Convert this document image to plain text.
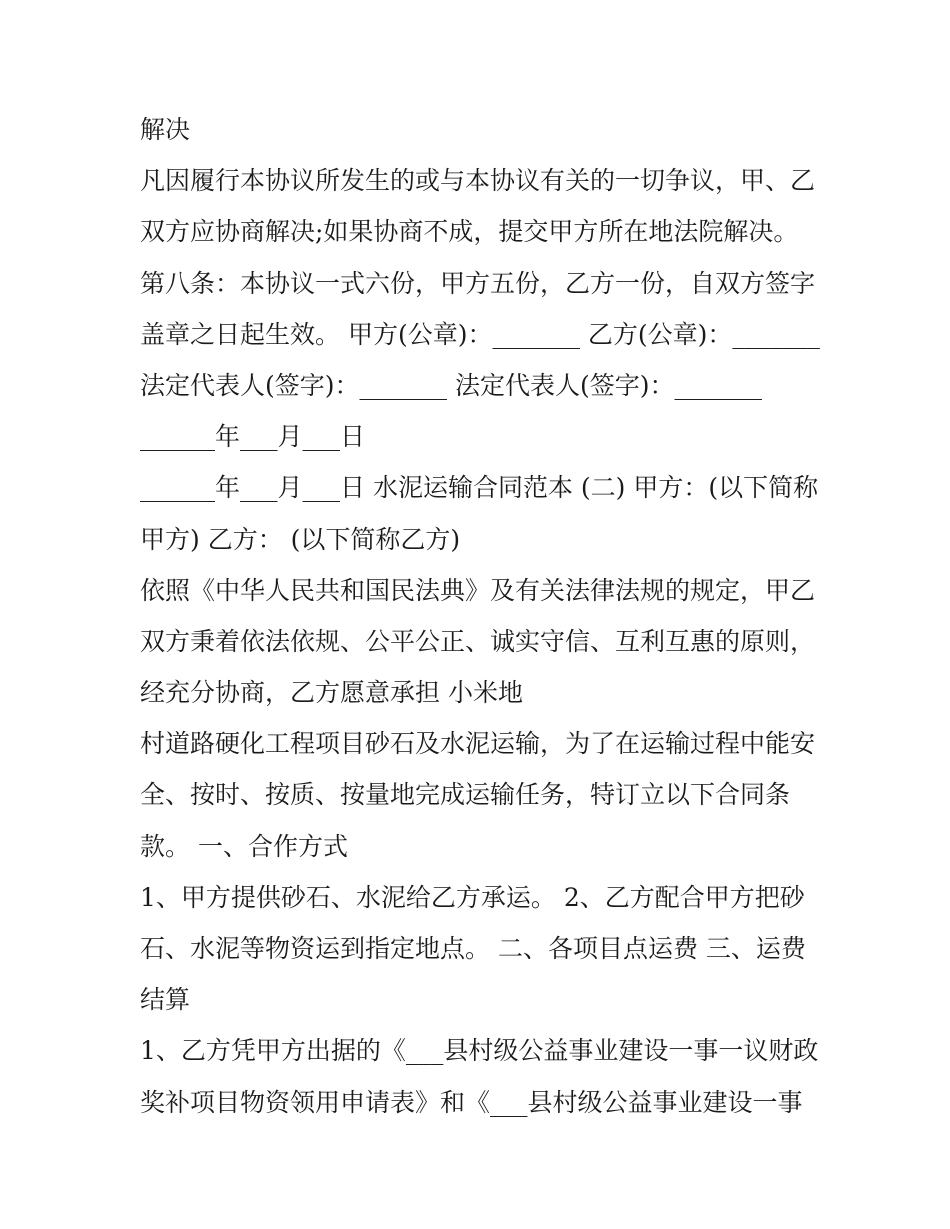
解决

凡因履行本协议所发生的或与本协议有关的一切争议，甲、乙

双方应协商解决;如果协商不成，提交甲方所在地法院解决。

第八条：本协议一式六份，甲方五份，乙方一份，自双方签字

盖章之日起生效。 甲方(公章)：_______ 乙方(公章)：_______

法定代表人(签字)：_______ 法定代表人(签字)：_______

______年___月___日

______年___月___日 水泥运输合同范本 (二) 甲方：(以下简称

甲方) 乙方： (以下简称乙方)

依照《中华人民共和国民法典》及有关法律法规的规定，甲乙

双方秉着依法依规、公平公正、诚实守信、互利互惠的原则，

经充分协商，乙方愿意承担 小米地

村道路硬化工程项目砂石及水泥运输，为了在运输过程中能安

全、按时、按质、按量地完成运输任务，特订立以下合同条

款。 一、合作方式

1、甲方提供砂石、水泥给乙方承运。 2、乙方配合甲方把砂

石、水泥等物资运到指定地点。 二、各项目点运费 三、运费

结算

1、乙方凭甲方出据的《___县村级公益事业建设一事一议财政

奖补项目物资领用申请表》和《___县村级公益事业建设一事
